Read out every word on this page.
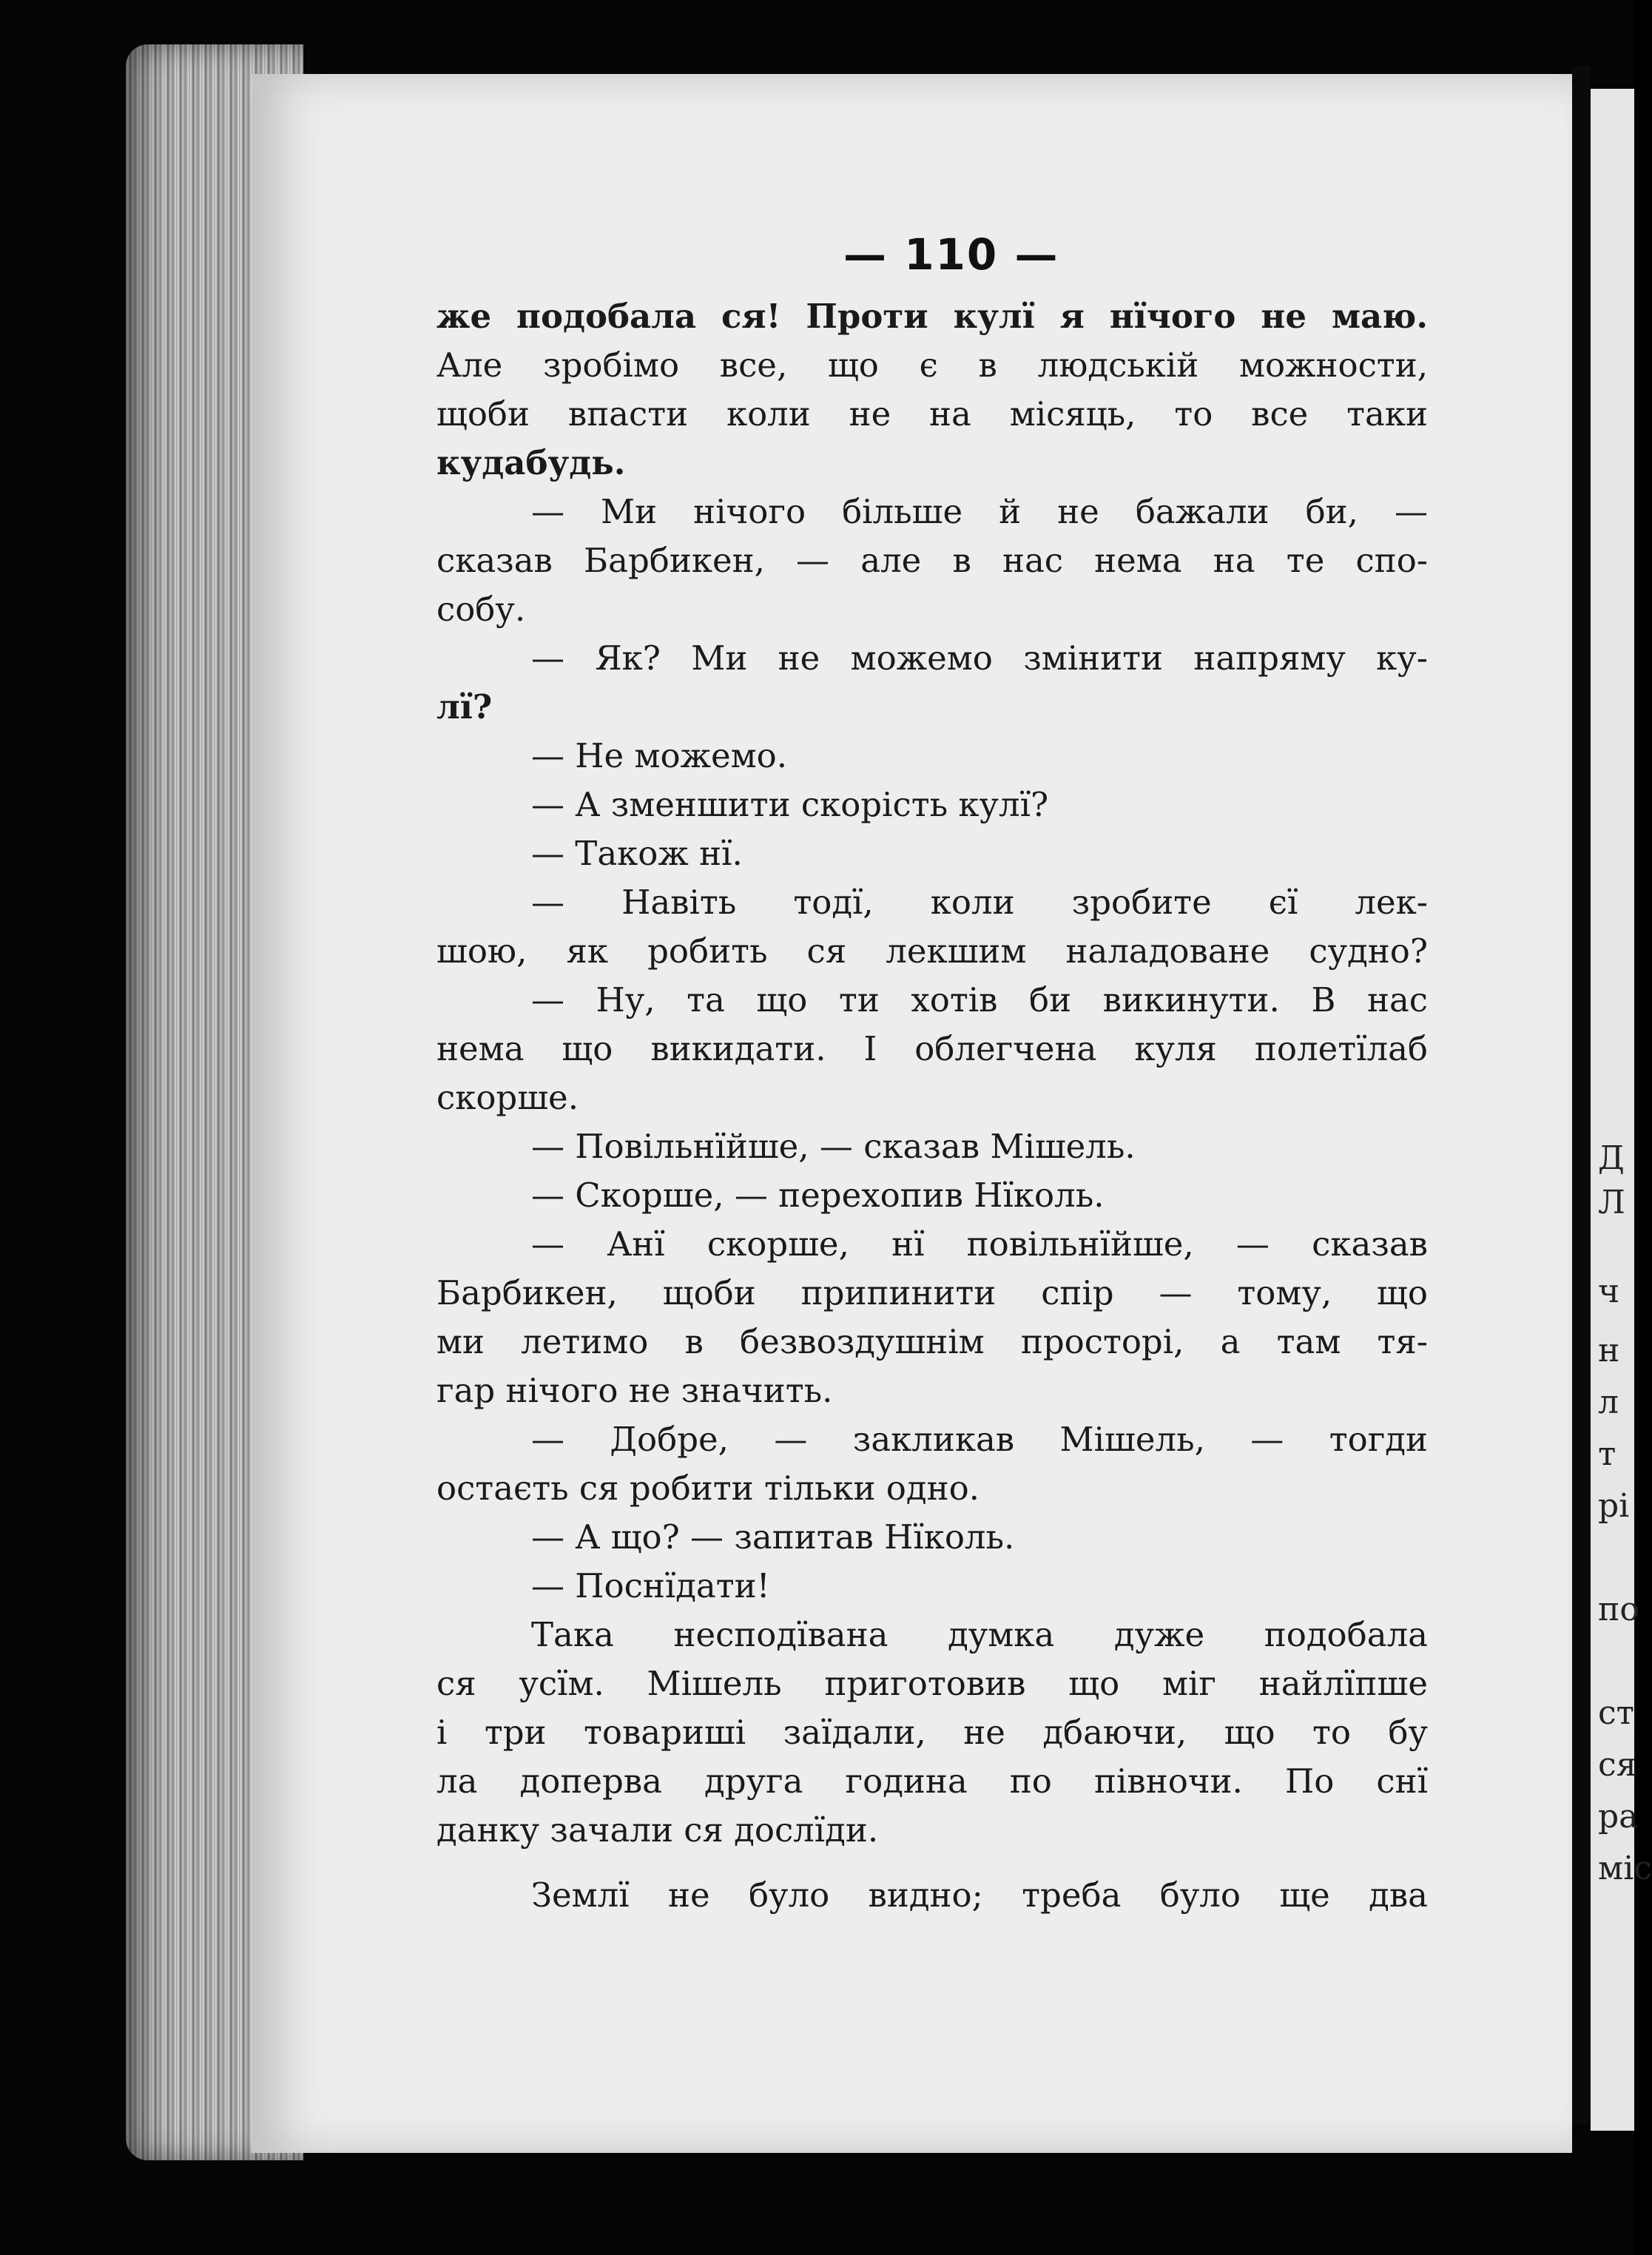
Д
Л
ч
н
л
т
рі
по
ст
ся
ра
міс
— 110 —
же подобала ся! Проти кулї я нїчого не маю.
Але зробімо все, що є в людській можности,
щоби впасти коли не на місяць, то все таки
кудабудь.
— Ми нічого більше й не бажали би, —
сказав Барбикен, — але в нас нема на те спо-
собу.
— Як? Ми не можемо змінити напряму ку-
лї?
— Не можемо.
— А зменшити скорість кулї?
— Також нї.
— Навіть тодї, коли зробите єї лек-
шою, як робить ся лекшим наладоване судно?
— Ну, та що ти хотів би викинути. В нас
нема що викидати. І облегчена куля полетїлаб
скорше.
— Повільнїйше, — сказав Мішель.
— Скорше, — перехопив Нїколь.
— Анї скорше, нї повільнїйше, — сказав
Барбикен, щоби припинити спір — тому, що
ми летимо в безвоздушнім просторі, а там тя-
гар нічого не значить.
— Добре, — закликав Мішель, — тогди
остаєть ся робити тільки одно.
— А що? — запитав Нїколь.
— Поснїдати!
Така несподївана думка дуже подобала
ся усїм. Мішель приготовив що міг найлїпше
і три товариші заїдали, не дбаючи, що то бу
ла доперва друга година по півночи. По снї
данку зачали ся дослїди.
Землї не було видно; треба було ще два
